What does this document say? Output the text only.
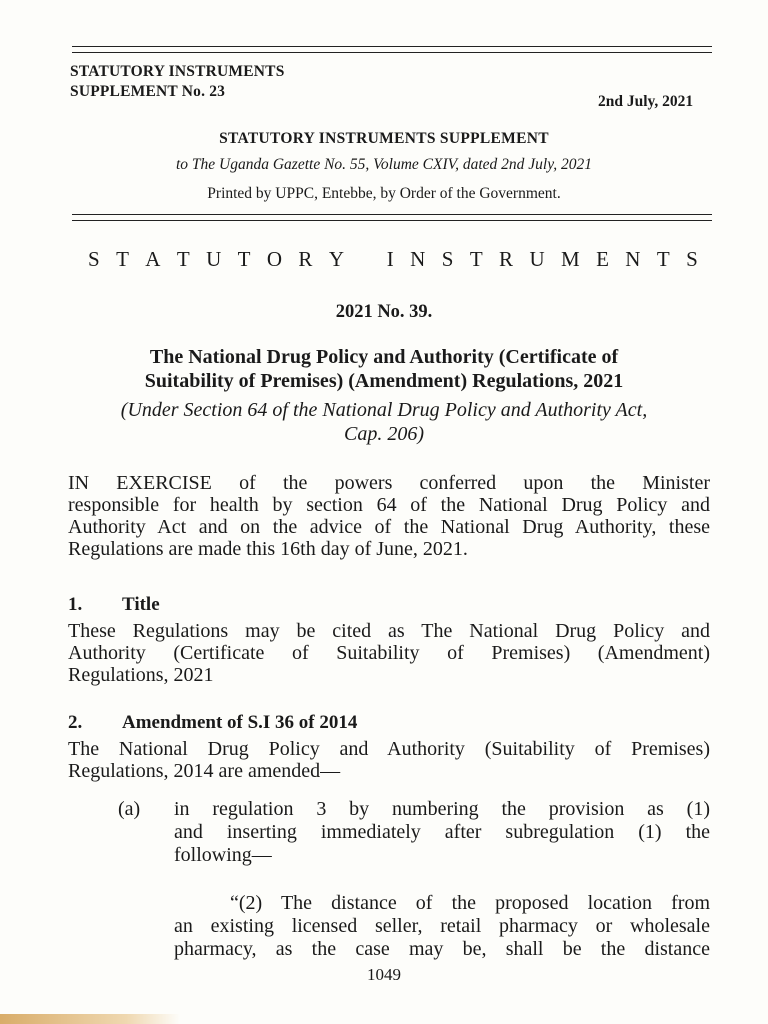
STATUTORY INSTRUMENTS
SUPPLEMENT No. 23
2nd July, 2021
STATUTORY INSTRUMENTS SUPPLEMENT
to The Uganda Gazette No. 55, Volume CXIV, dated 2nd July, 2021
Printed by UPPC, Entebbe, by Order of the Government.
S T A T U T O R Y I N S T R U M E N T S
2021 No. 39.
The National Drug Policy and Authority (Certificate of
Suitability of Premises) (Amendment) Regulations, 2021
(Under Section 64 of the National Drug Policy and Authority Act,
Cap. 206)
IN EXERCISE of the powers conferred upon the Minister
responsible for health by section 64 of the National Drug Policy and
Authority Act and on the advice of the National Drug Authority, these
Regulations are made this 16th day of June, 2021.
1. Title
These Regulations may be cited as The National Drug Policy and
Authority (Certificate of Suitability of Premises) (Amendment)
Regulations, 2021
2. Amendment of S.I 36 of 2014
The National Drug Policy and Authority (Suitability of Premises)
Regulations, 2014 are amended—
(a) in regulation 3 by numbering the provision as (1)
and inserting immediately after subregulation (1) the
following—
“(2) The distance of the proposed location from
an existing licensed seller, retail pharmacy or wholesale
pharmacy, as the case may be, shall be the distance
1049
